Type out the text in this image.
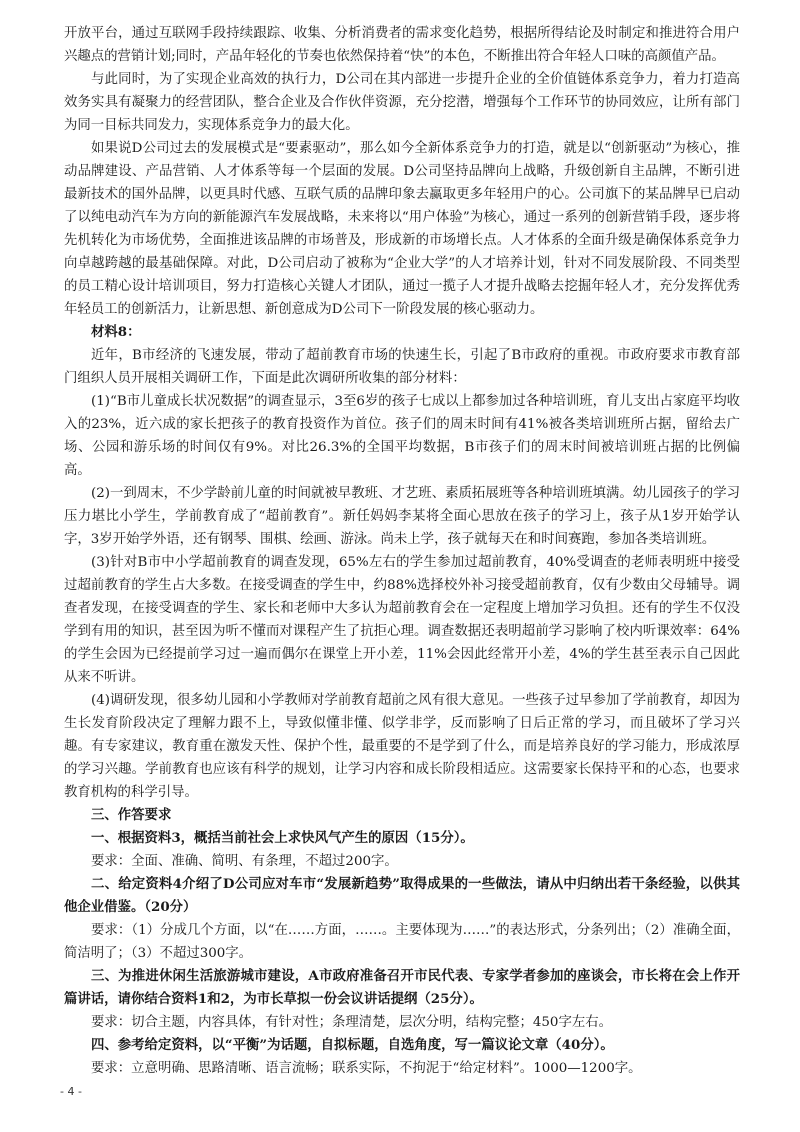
开放平台，通过互联网手段持续跟踪、收集、分析消费者的需求变化趋势，根据所得结论及时制定和推进符合用户兴趣点的营销计划;同时，产品年轻化的节奏也依然保持着“快”的本色，不断推出符合年轻人口味的高颜值产品。

与此同时，为了实现企业高效的执行力，D公司在其内部进一步提升企业的全价值链体系竞争力，着力打造高效务实具有凝聚力的经营团队，整合企业及合作伙伴资源，充分挖潜，增强每个工作环节的协同效应，让所有部门为同一目标共同发力，实现体系竞争力的最大化。

如果说D公司过去的发展模式是“要素驱动”，那么如今全新体系竞争力的打造，就是以“创新驱动”为核心，推动品牌建设、产品营销、人才体系等每一个层面的发展。D公司坚持品牌向上战略，升级创新自主品牌，不断引进最新技术的国外品牌，以更具时代感、互联气质的品牌印象去赢取更多年轻用户的心。公司旗下的某品牌早已启动了以纯电动汽车为方向的新能源汽车发展战略，未来将以“用户体验”为核心，通过一系列的创新营销手段，逐步将先机转化为市场优势，全面推进该品牌的市场普及，形成新的市场增长点。人才体系的全面升级是确保体系竞争力向卓越跨越的最基础保障。对此，D公司启动了被称为“企业大学”的人才培养计划，针对不同发展阶段、不同类型的员工精心设计培训项目，努力打造核心关键人才团队，通过一揽子人才提升战略去挖掘年轻人才，充分发挥优秀年轻员工的创新活力，让新思想、新创意成为D公司下一阶段发展的核心驱动力。

材料8：

近年，B市经济的飞速发展，带动了超前教育市场的快速生长，引起了B市政府的重视。市政府要求市教育部门组织人员开展相关调研工作，下面是此次调研所收集的部分材料：

(1)“B市儿童成长状况数据”的调查显示，3至6岁的孩子七成以上都参加过各种培训班，育儿支出占家庭平均收入的23%，近六成的家长把孩子的教育投资作为首位。孩子们的周末时间有41%被各类培训班所占据，留给去广场、公园和游乐场的时间仅有9%。对比26.3%的全国平均数据，B市孩子们的周末时间被培训班占据的比例偏高。

(2)一到周末，不少学龄前儿童的时间就被早教班、才艺班、素质拓展班等各种培训班填满。幼儿园孩子的学习压力堪比小学生，学前教育成了“超前教育”。新任妈妈李某将全面心思放在孩子的学习上，孩子从1岁开始学认字，3岁开始学外语，还有钢琴、围棋、绘画、游泳。尚未上学，孩子就每天在和时间赛跑，参加各类培训班。

(3)针对B市中小学超前教育的调查发现，65%左右的学生参加过超前教育，40%受调查的老师表明班中接受过超前教育的学生占大多数。在接受调查的学生中，约88%选择校外补习接受超前教育，仅有少数由父母辅导。调查者发现，在接受调查的学生、家长和老师中大多认为超前教育会在一定程度上增加学习负担。还有的学生不仅没学到有用的知识，甚至因为听不懂而对课程产生了抗拒心理。调查数据还表明超前学习影响了校内听课效率：64%的学生会因为已经提前学习过一遍而偶尔在课堂上开小差，11%会因此经常开小差，4%的学生甚至表示自己因此从来不听讲。

(4)调研发现，很多幼儿园和小学教师对学前教育超前之风有很大意见。一些孩子过早参加了学前教育，却因为生长发育阶段决定了理解力跟不上，导致似懂非懂、似学非学，反而影响了日后正常的学习，而且破坏了学习兴趣。有专家建议，教育重在激发天性、保护个性，最重要的不是学到了什么，而是培养良好的学习能力，形成浓厚的学习兴趣。学前教育也应该有科学的规划，让学习内容和成长阶段相适应。这需要家长保持平和的心态，也要求教育机构的科学引导。

三、作答要求

一、根据资料3，概括当前社会上求快风气产生的原因（15分）。

要求：全面、准确、简明、有条理，不超过200字。

二、给定资料4介绍了D公司应对车市“发展新趋势”取得成果的一些做法，请从中归纳出若干条经验，以供其他企业借鉴。（20分）

要求：（1）分成几个方面，以“在……方面，……。主要体现为……”的表达形式，分条列出；（2）准确全面，简洁明了；（3）不超过300字。

三、为推进休闲生活旅游城市建设，A市政府准备召开市民代表、专家学者参加的座谈会，市长将在会上作开篇讲话，请你结合资料1和2，为市长草拟一份会议讲话提纲（25分）。

要求：切合主题，内容具体，有针对性；条理清楚，层次分明，结构完整；450字左右。

四、参考给定资料，以“平衡”为话题，自拟标题，自选角度，写一篇议论文章（40分）。

要求：立意明确、思路清晰、语言流畅；联系实际，不拘泥于“给定材料”。1000—1200字。

- 4 -
